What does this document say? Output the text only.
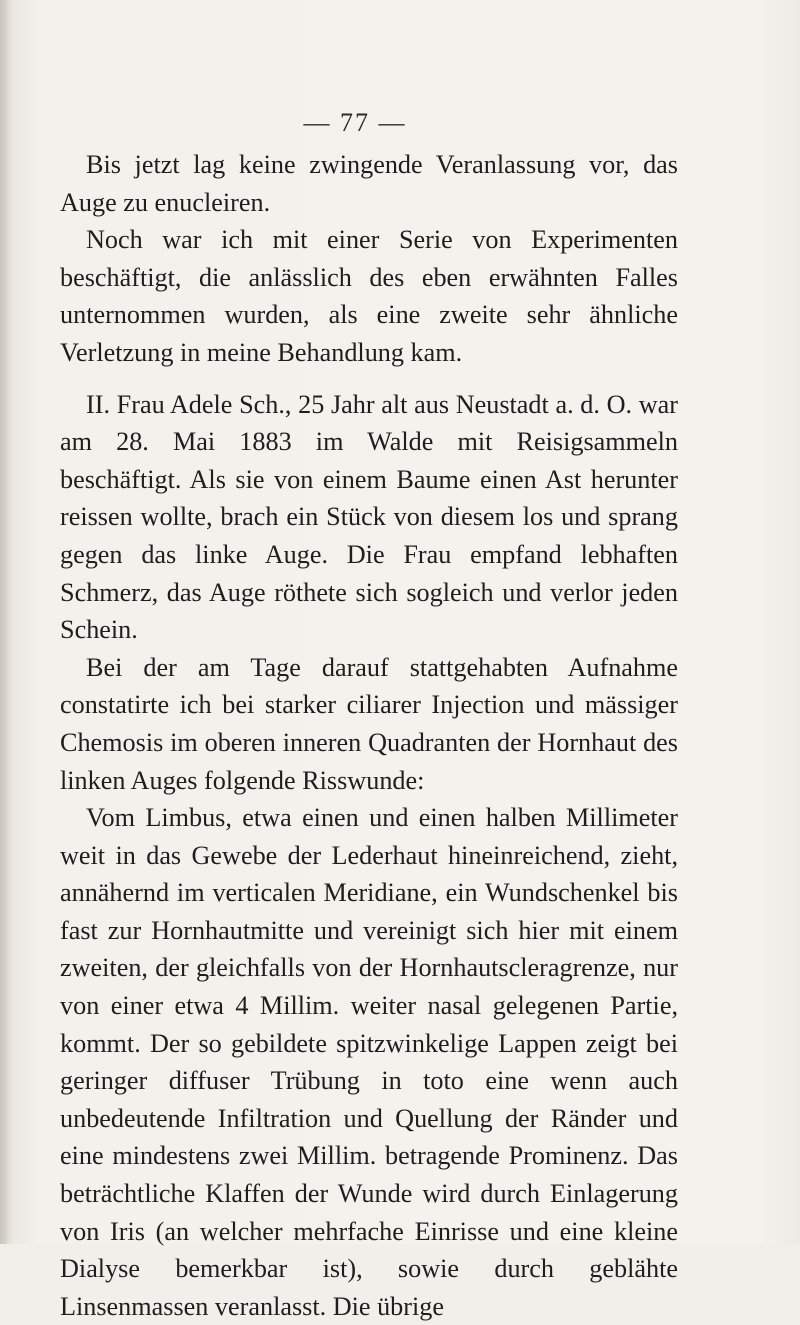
— 77 —

Bis jetzt lag keine zwingende Veranlassung vor, das Auge zu enucleiren.

Noch war ich mit einer Serie von Experimenten beschäftigt, die anlässlich des eben erwähnten Falles unternommen wurden, als eine zweite sehr ähnliche Verletzung in meine Behandlung kam.

II. Frau Adele Sch., 25 Jahr alt aus Neustadt a. d. O. war am 28. Mai 1883 im Walde mit Reisigsammeln beschäftigt. Als sie von einem Baume einen Ast herunter reissen wollte, brach ein Stück von diesem los und sprang gegen das linke Auge. Die Frau empfand lebhaften Schmerz, das Auge röthete sich sogleich und verlor jeden Schein.

Bei der am Tage darauf stattgehabten Aufnahme constatirte ich bei starker ciliarer Injection und mässiger Chemosis im oberen inneren Quadranten der Hornhaut des linken Auges folgende Risswunde:

Vom Limbus, etwa einen und einen halben Millimeter weit in das Gewebe der Lederhaut hineinreichend, zieht, annähernd im verticalen Meridiane, ein Wundschenkel bis fast zur Hornhautmitte und vereinigt sich hier mit einem zweiten, der gleichfalls von der Hornhautscleragrenze, nur von einer etwa 4 Millim. weiter nasal gelegenen Partie, kommt. Der so gebildete spitzwinkelige Lappen zeigt bei geringer diffuser Trübung in toto eine wenn auch unbedeutende Infiltration und Quellung der Ränder und eine mindestens zwei Millim. betragende Prominenz. Das beträchtliche Klaffen der Wunde wird durch Einlagerung von Iris (an welcher mehrfache Einrisse und eine kleine Dialyse bemerkbar ist), sowie durch geblähte Linsenmassen veranlasst. Die übrige
